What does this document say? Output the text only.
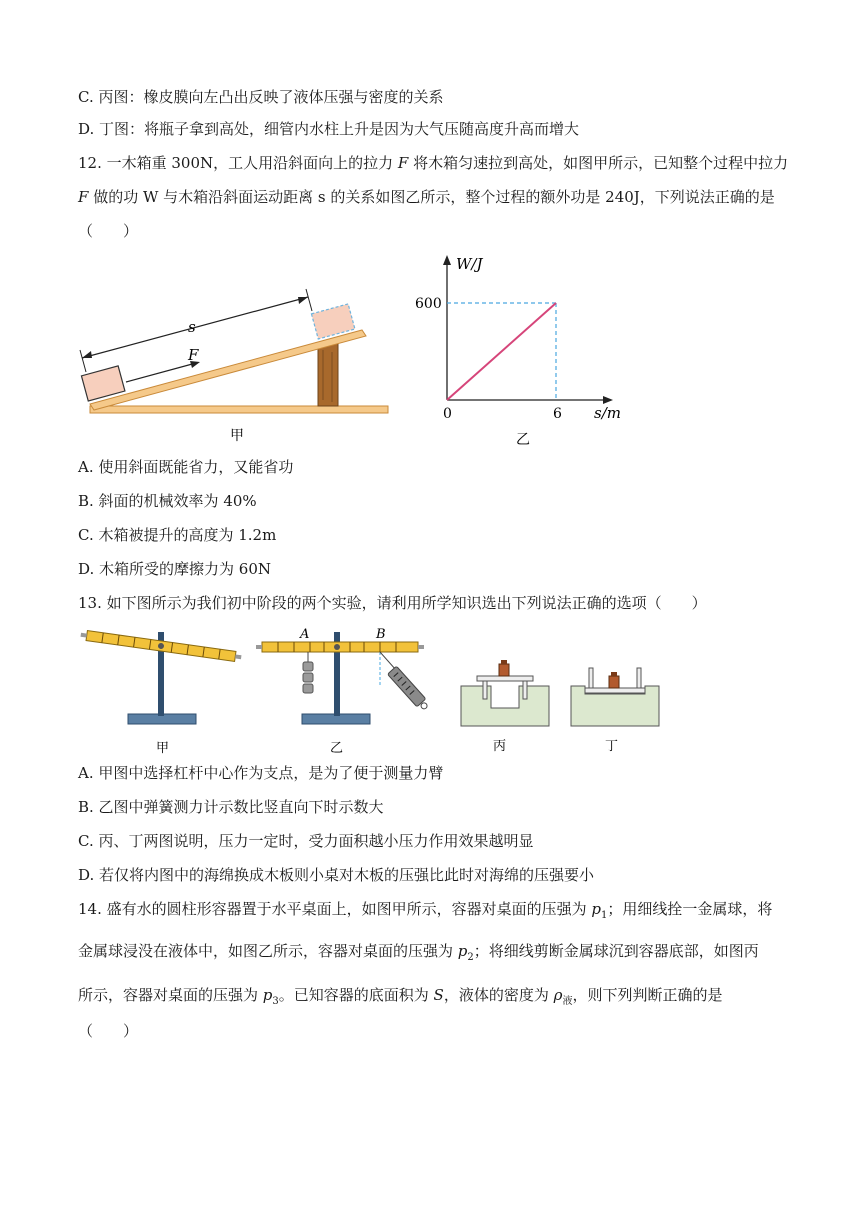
C. 丙图：橡皮膜向左凸出反映了液体压强与密度的关系
D. 丁图：将瓶子拿到高处，细管内水柱上升是因为大气压随高度升高而增大
12. 一木箱重 300N，工人用沿斜面向上的拉力 F 将木箱匀速拉到高处，如图甲所示，已知整个过程中拉力
F 做的功 W 与木箱沿斜面运动距离 s 的关系如图乙所示，整个过程的额外功是 240J，下列说法正确的是
（　　）
s
F
甲
W/J
s/m
0
600
6
乙
A. 使用斜面既能省力，又能省功
B. 斜面的机械效率为 40%
C. 木箱被提升的高度为 1.2m
D. 木箱所受的摩擦力为 60N
13. 如下图所示为我们初中阶段的两个实验，请利用所学知识选出下列说法正确的选项（　　）
甲
A	B
乙	丙	丁
A. 甲图中选择杠杆中心作为支点，是为了便于测量力臂
B. 乙图中弹簧测力计示数比竖直向下时示数大
C. 丙、丁两图说明，压力一定时，受力面积越小压力作用效果越明显
D. 若仅将内图中的海绵换成木板则小桌对木板的压强比此时对海绵的压强要小
14. 盛有水的圆柱形容器置于水平桌面上，如图甲所示，容器对桌面的压强为 $p_1$；用细线拴一金属球，将
金属球浸没在液体中，如图乙所示，容器对桌面的压强为 $p_2$；将细线剪断金属球沉到容器底部，如图丙
所示，容器对桌面的压强为 $p_3$。已知容器的底面积为 S，液体的密度为 $\rho_液$，则下列判断正确的是
（　　）
